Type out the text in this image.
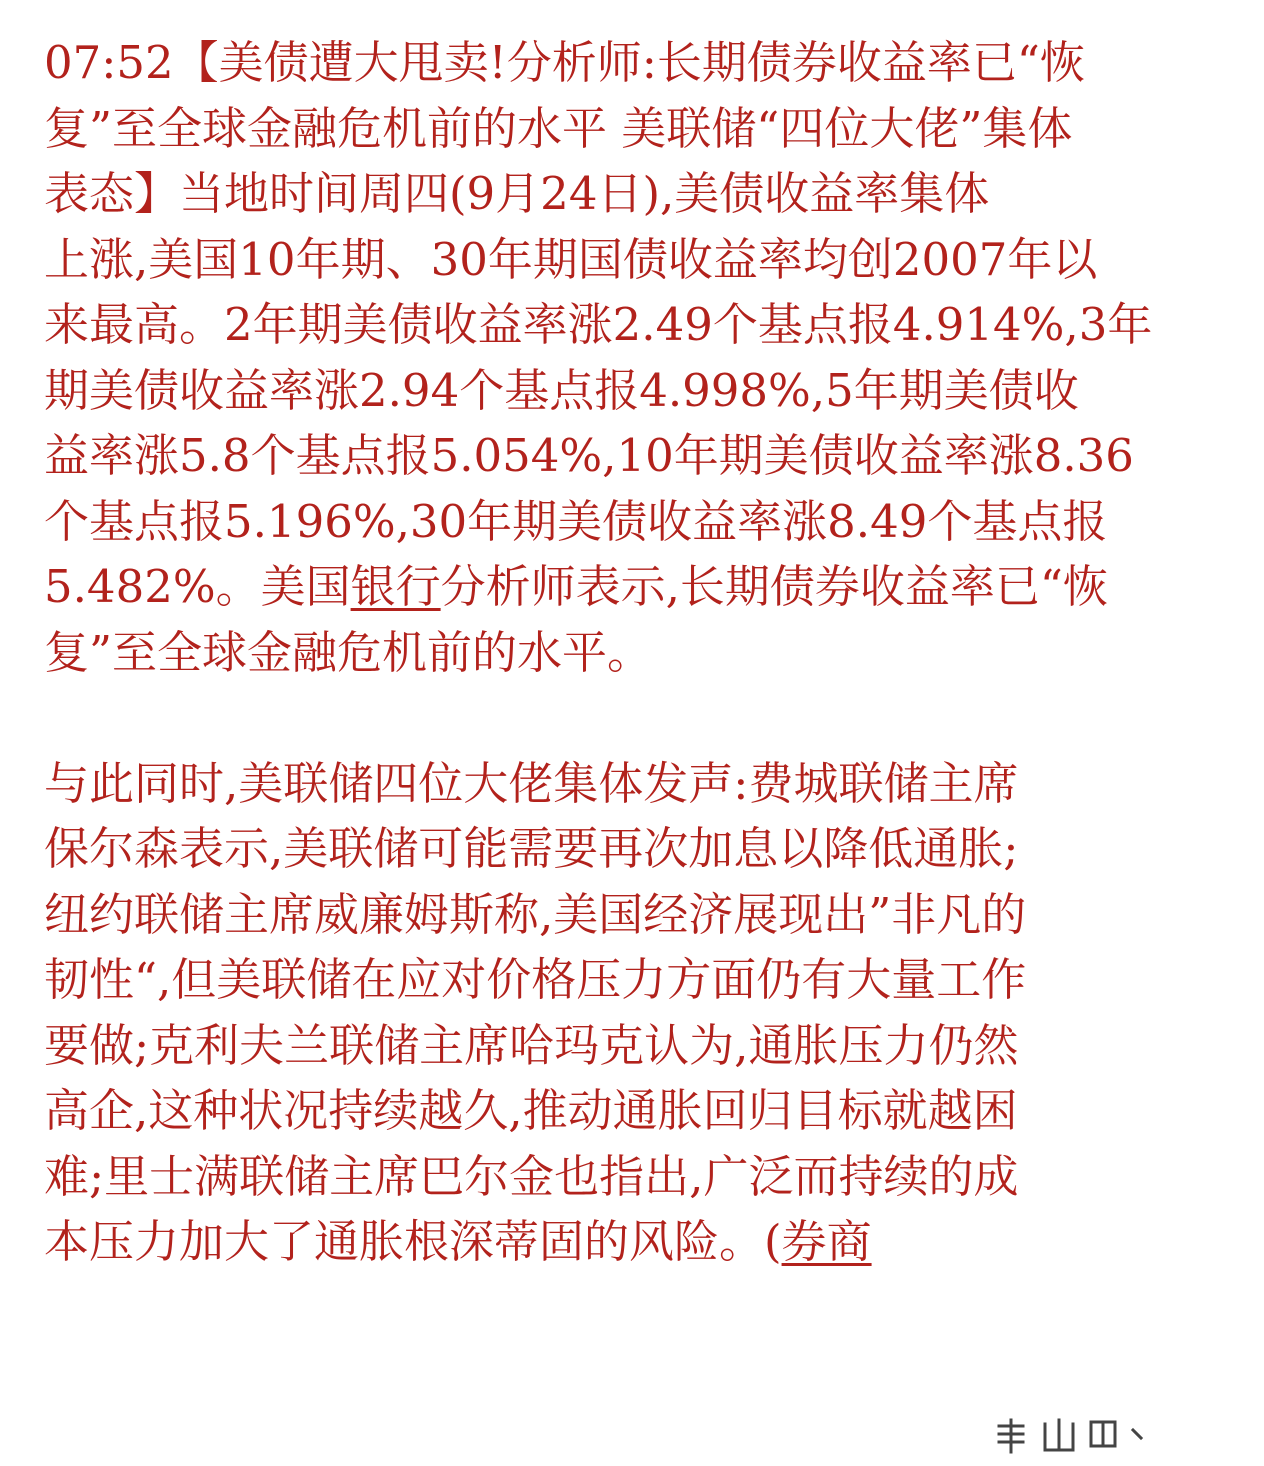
07:52【美债遭大甩卖!分析师:长期债券收益率已“恢
复”至全球金融危机前的水平 美联储“四位大佬”集体
表态】当地时间周四(9月24日),美债收益率集体
上涨,美国10年期、30年期国债收益率均创2007年以
来最高。2年期美债收益率涨2.49个基点报4.914%,3年
期美债收益率涨2.94个基点报4.998%,5年期美债收
益率涨5.8个基点报5.054%,10年期美债收益率涨8.36
个基点报5.196%,30年期美债收益率涨8.49个基点报
5.482%。美国银行分析师表示,长期债券收益率已“恢
复”至全球金融危机前的水平。
与此同时,美联储四位大佬集体发声:费城联储主席
保尔森表示,美联储可能需要再次加息以降低通胀;
纽约联储主席威廉姆斯称,美国经济展现出”非凡的
韧性“,但美联储在应对价格压力方面仍有大量工作
要做;克利夫兰联储主席哈玛克认为,通胀压力仍然
高企,这种状况持续越久,推动通胀回归目标就越困
难;里士满联储主席巴尔金也指出,广泛而持续的成
本压力加大了通胀根深蒂固的风险。(券商
